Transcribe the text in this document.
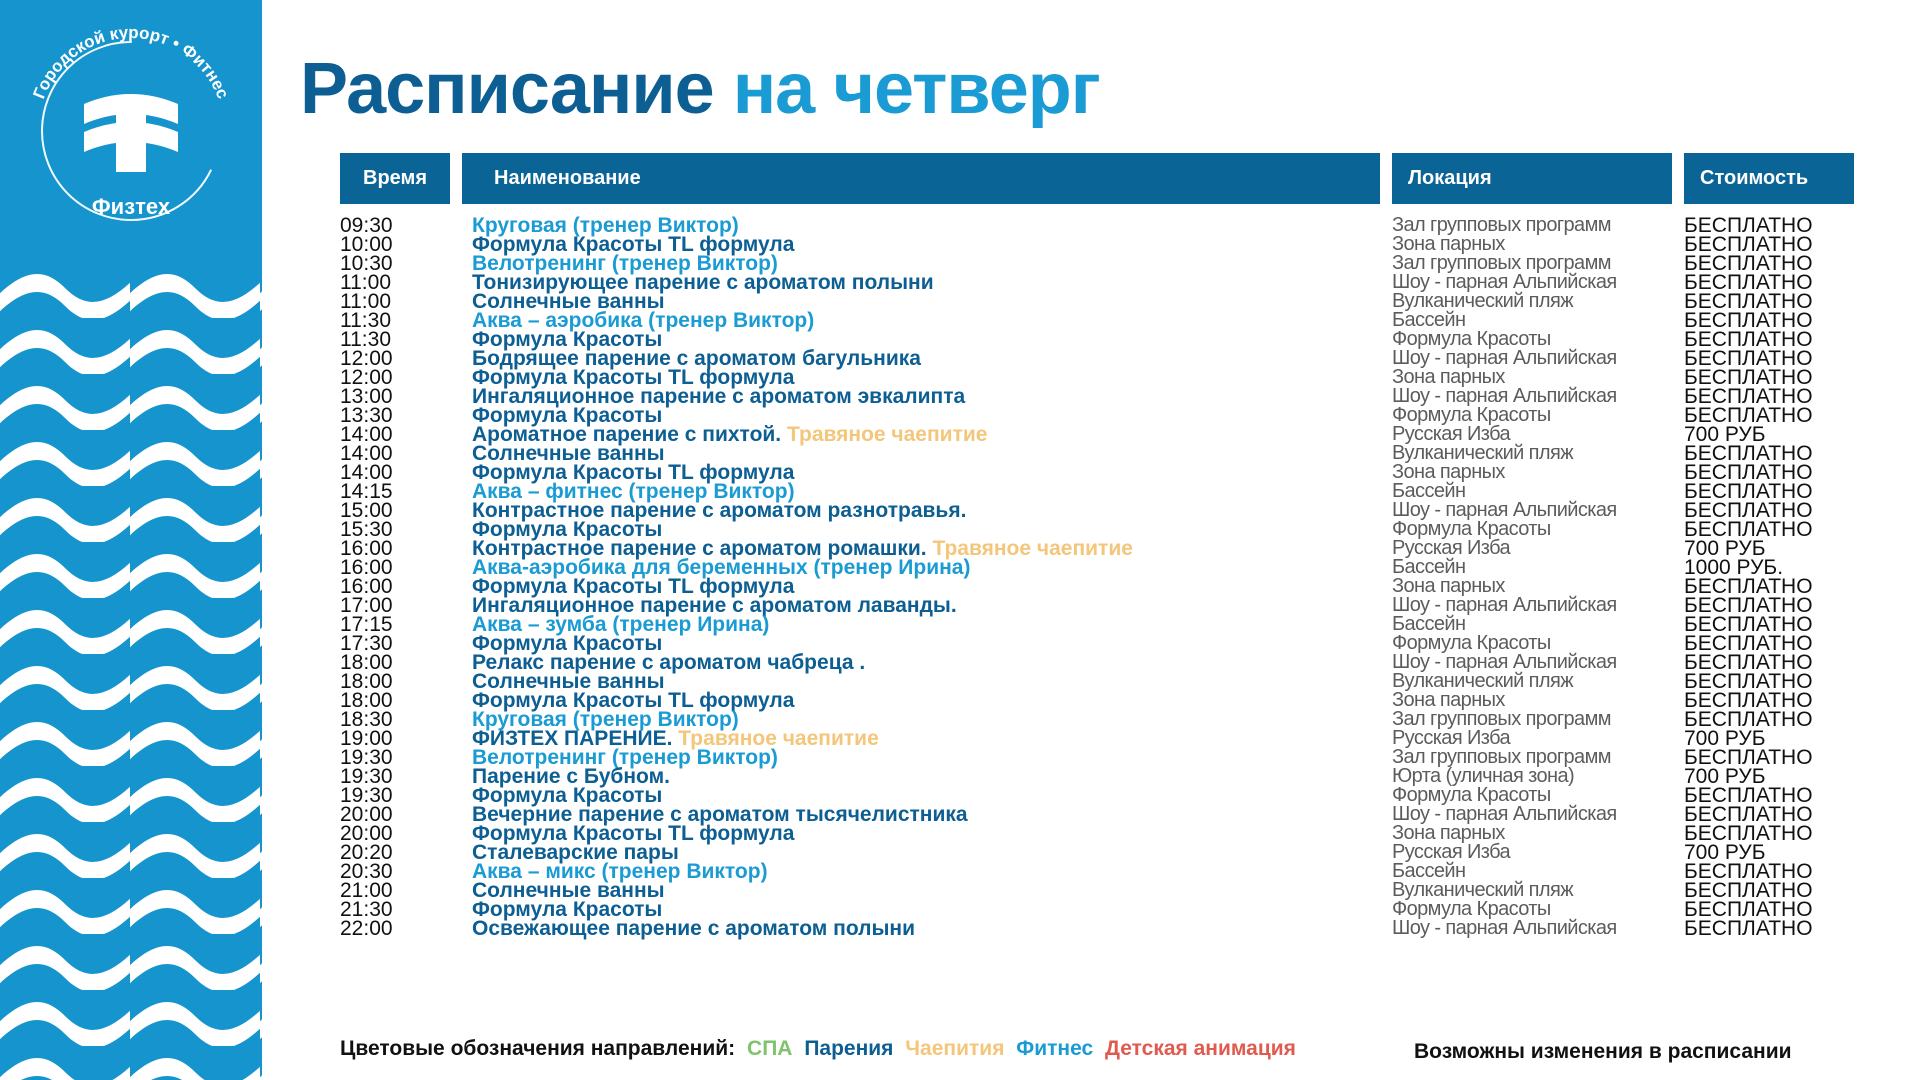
Городской курорт • Фитнес
Физтех
Расписание на четверг
Время	Наименование	Локация	Стоимость
09:30	Круговая (тренер Виктор)	Зал групповых программ	БЕСПЛАТНО
10:00	Формула Красоты TL формула	Зона парных	БЕСПЛАТНО
10:30	Велотренинг (тренер Виктор)	Зал групповых программ	БЕСПЛАТНО
11:00	Тонизирующее парение с ароматом полыни	Шоу - парная Альпийская	БЕСПЛАТНО
11:00	Солнечные ванны	Вулканический пляж	БЕСПЛАТНО
11:30	Аква – аэробика (тренер Виктор)	Бассейн	БЕСПЛАТНО
11:30	Формула Красоты	Формула Красоты	БЕСПЛАТНО
12:00	Бодрящее парение с ароматом багульника	Шоу - парная Альпийская	БЕСПЛАТНО
12:00	Формула Красоты TL формула	Зона парных	БЕСПЛАТНО
13:00	Ингаляционное парение с ароматом эвкалипта	Шоу - парная Альпийская	БЕСПЛАТНО
13:30	Формула Красоты	Формула Красоты	БЕСПЛАТНО
14:00	Ароматное парение с пихтой. Травяное чаепитие	Русская Изба	700 РУБ
14:00	Солнечные ванны	Вулканический пляж	БЕСПЛАТНО
14:00	Формула Красоты TL формула	Зона парных	БЕСПЛАТНО
14:15	Аква – фитнес (тренер Виктор)	Бассейн	БЕСПЛАТНО
15:00	Контрастное парение с ароматом разнотравья.	Шоу - парная Альпийская	БЕСПЛАТНО
15:30	Формула Красоты	Формула Красоты	БЕСПЛАТНО
16:00	Контрастное парение с ароматом ромашки. Травяное чаепитие	Русская Изба	700 РУБ
16:00	Аква-аэробика для беременных (тренер Ирина)	Бассейн	1000 РУБ.
16:00	Формула Красоты TL формула	Зона парных	БЕСПЛАТНО
17:00	Ингаляционное парение с ароматом лаванды.	Шоу - парная Альпийская	БЕСПЛАТНО
17:15	Аква – зумба (тренер Ирина)	Бассейн	БЕСПЛАТНО
17:30	Формула Красоты	Формула Красоты	БЕСПЛАТНО
18:00	Релакс парение с ароматом чабреца .	Шоу - парная Альпийская	БЕСПЛАТНО
18:00	Солнечные ванны	Вулканический пляж	БЕСПЛАТНО
18:00	Формула Красоты TL формула	Зона парных	БЕСПЛАТНО
18:30	Круговая (тренер Виктор)	Зал групповых программ	БЕСПЛАТНО
19:00	ФИЗТЕХ ПАРЕНИЕ. Травяное чаепитие	Русская Изба	700 РУБ
19:30	Велотренинг (тренер Виктор)	Зал групповых программ	БЕСПЛАТНО
19:30	Парение с Бубном.	Юрта (уличная зона)	700 РУБ
19:30	Формула Красоты	Формула Красоты	БЕСПЛАТНО
20:00	Вечерние парение с ароматом тысячелистника	Шоу - парная Альпийская	БЕСПЛАТНО
20:00	Формула Красоты TL формула	Зона парных	БЕСПЛАТНО
20:20	Сталеварские пары	Русская Изба	700 РУБ
20:30	Аква – микс (тренер Виктор)	Бассейн	БЕСПЛАТНО
21:00	Солнечные ванны	Вулканический пляж	БЕСПЛАТНО
21:30	Формула Красоты	Формула Красоты	БЕСПЛАТНО
22:00	Освежающее парение с ароматом полыни	Шоу - парная Альпийская	БЕСПЛАТНО
Цветовые обозначения направлений: СПА Парения Чаепития Фитнес Детская анимация	Возможны изменения в расписании
